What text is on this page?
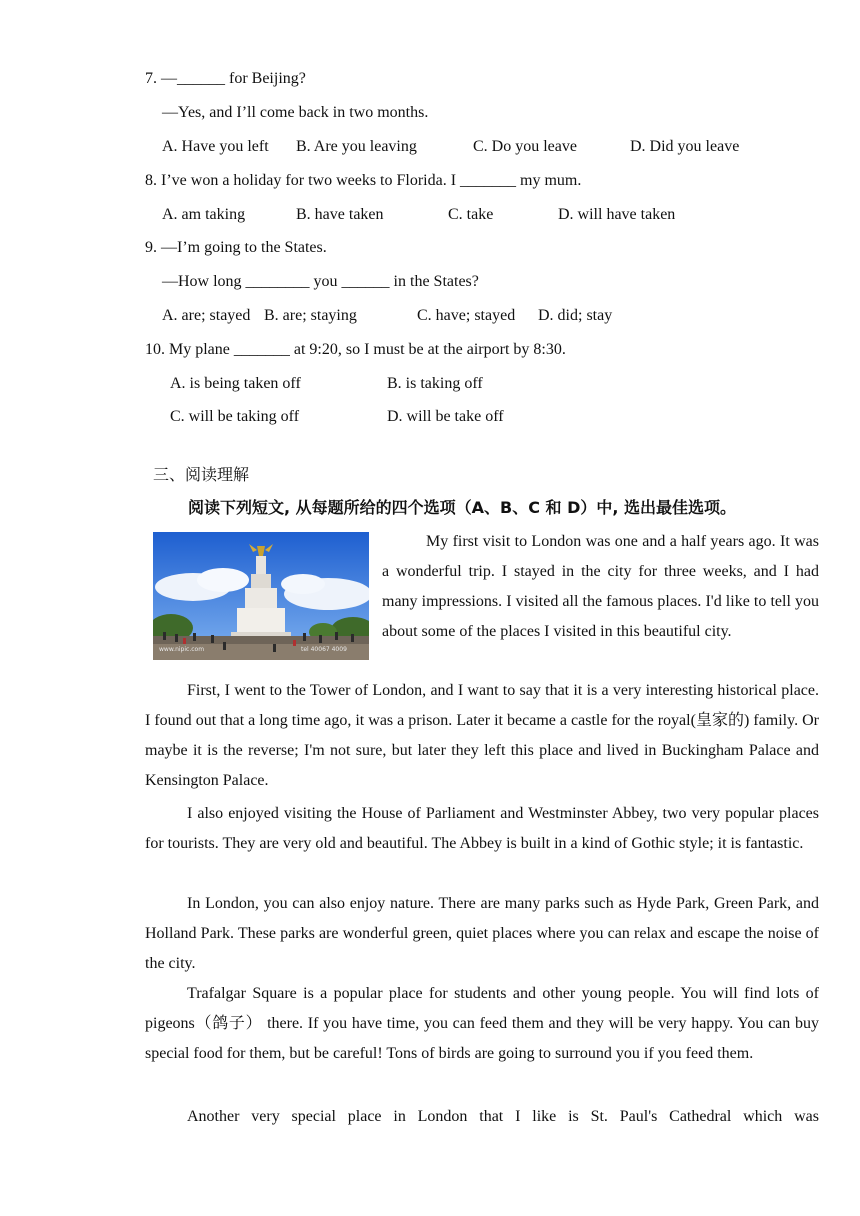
7. —______ for Beijing?
—Yes, and I’ll come back in two months.
A. Have you left B. Are you leaving	C. Do you leave	D. Did you leave
8. I’ve won a holiday for two weeks to Florida. I _______ my mum.
A. am taking	B. have taken	C. take	D. will have taken
9. —I’m going to the States.
—How long ________ you ______ in the States?
A. are; stayed B. are; staying	C. have; stayed D. did; stay
10. My plane _______ at 9:20, so I must be at the airport by 8:30.
A. is being taken off	B. is taking off
C. will be taking off	D. will be take off
三、阅读理解
阅读下列短文, 从每题所给的四个选项（A、B、C 和 D）中, 选出最佳选项。
www.nipic.com	tel 40067 4009
My first visit to London was one and a half years ago. It was a wonderful trip. I stayed in the city for three weeks, and I had many impressions. I visited all the famous places. I'd like to tell you about some of the places I visited in this beautiful city.
First, I went to the Tower of London, and I want to say that it is a very interesting historical place. I found out that a long time ago, it was a prison. Later it became a castle for the royal(皇家的) family. Or maybe it is the reverse; I'm not sure, but later they left this place and lived in Buckingham Palace and Kensington Palace.
I also enjoyed visiting the House of Parliament and Westminster Abbey, two very popular places for tourists. They are very old and beautiful. The Abbey is built in a kind of Gothic style; it is fantastic.
In London, you can also enjoy nature. There are many parks such as Hyde Park, Green Park, and Holland Park. These parks are wonderful green, quiet places where you can relax and escape the noise of the city.
Trafalgar Square is a popular place for students and other young people. You will find lots of pigeons（鸽子） there. If you have time, you can feed them and they will be very happy. You can buy special food for them, but be careful! Tons of birds are going to surround you if you feed them.
Another very special place in London that I like is St. Paul's Cathedral which was
